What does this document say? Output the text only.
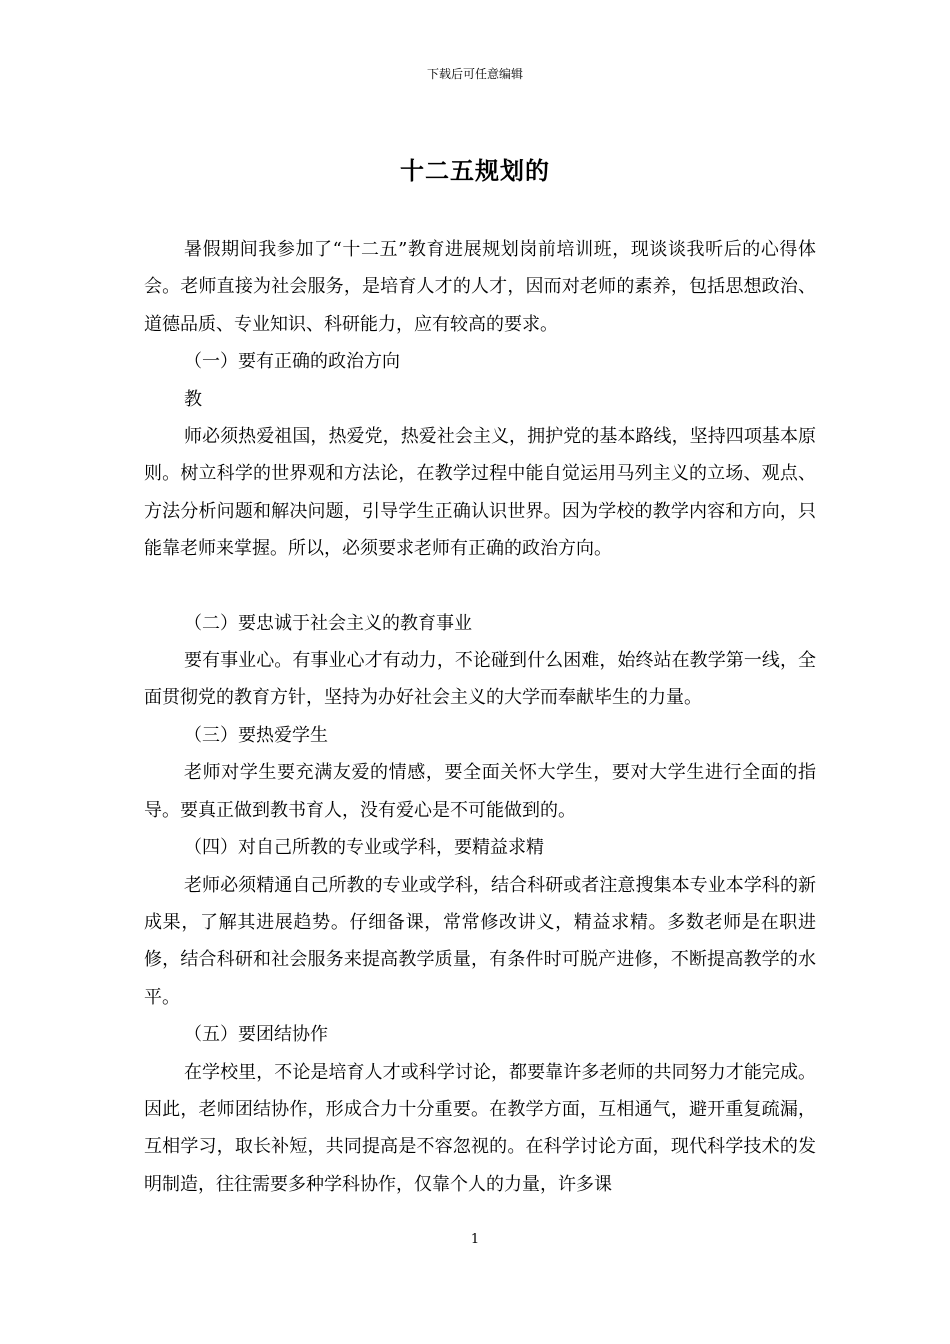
下载后可任意编辑
十二五规划的

暑假期间我参加了“十二五”教育进展规划岗前培训班，现谈谈我听后的心得体会。老师直接为社会服务，是培育人才的人才，因而对老师的素养，包括思想政治、道德品质、专业知识、科研能力，应有较高的要求。

（一）要有正确的政治方向

教

师必须热爱祖国，热爱党，热爱社会主义，拥护党的基本路线，坚持四项基本原则。树立科学的世界观和方法论，在教学过程中能自觉运用马列主义的立场、观点、方法分析问题和解决问题，引导学生正确认识世界。因为学校的教学内容和方向，只能靠老师来掌握。所以，必须要求老师有正确的政治方向。

（二）要忠诚于社会主义的教育事业

要有事业心。有事业心才有动力，不论碰到什么困难，始终站在教学第一线，全面贯彻党的教育方针，坚持为办好社会主义的大学而奉献毕生的力量。

（三）要热爱学生

老师对学生要充满友爱的情感，要全面关怀大学生，要对大学生进行全面的指导。要真正做到教书育人，没有爱心是不可能做到的。

（四）对自己所教的专业或学科，要精益求精

老师必须精通自己所教的专业或学科，结合科研或者注意搜集本专业本学科的新成果，了解其进展趋势。仔细备课，常常修改讲义，精益求精。多数老师是在职进修，结合科研和社会服务来提高教学质量，有条件时可脱产进修，不断提高教学的水平。

（五）要团结协作

在学校里，不论是培育人才或科学讨论，都要靠许多老师的共同努力才能完成。因此，老师团结协作，形成合力十分重要。在教学方面，互相通气，避开重复疏漏，互相学习，取长补短，共同提高是不容忽视的。在科学讨论方面，现代科学技术的发明制造，往往需要多种学科协作，仅靠个人的力量，许多课

1
